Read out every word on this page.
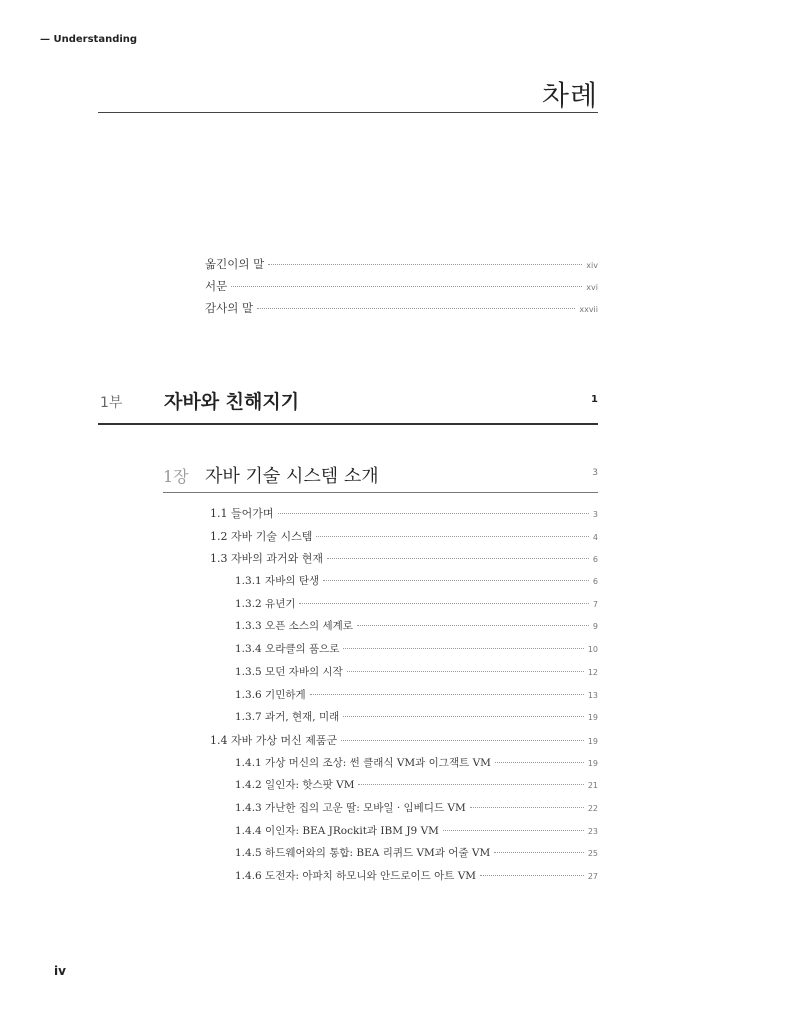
— Understanding
차례
옮긴이의 말	xiv
서문	xvi
감사의 말	xxvii
1부 자바와 친해지기	1
1장 자바 기술 시스템 소개	3
1.1 들어가며	3
1.2 자바 기술 시스템	4
1.3 자바의 과거와 현재	6
1.3.1 자바의 탄생	6
1.3.2 유년기	7
1.3.3 오픈 소스의 세계로	9
1.3.4 오라클의 품으로	10
1.3.5 모던 자바의 시작	12
1.3.6 기민하게	13
1.3.7 과거, 현재, 미래	19
1.4 자바 가상 머신 제품군	19
1.4.1 가상 머신의 조상: 썬 클래식 VM과 이그잭트 VM	19
1.4.2 일인자: 핫스팟 VM	21
1.4.3 가난한 집의 고운 딸: 모바일 · 임베디드 VM	22
1.4.4 이인자: BEA JRockit과 IBM J9 VM	23
1.4.5 하드웨어와의 통합: BEA 리퀴드 VM과 어줄 VM	25
1.4.6 도전자: 아파치 하모니와 안드로이드 아트 VM	27
iv
